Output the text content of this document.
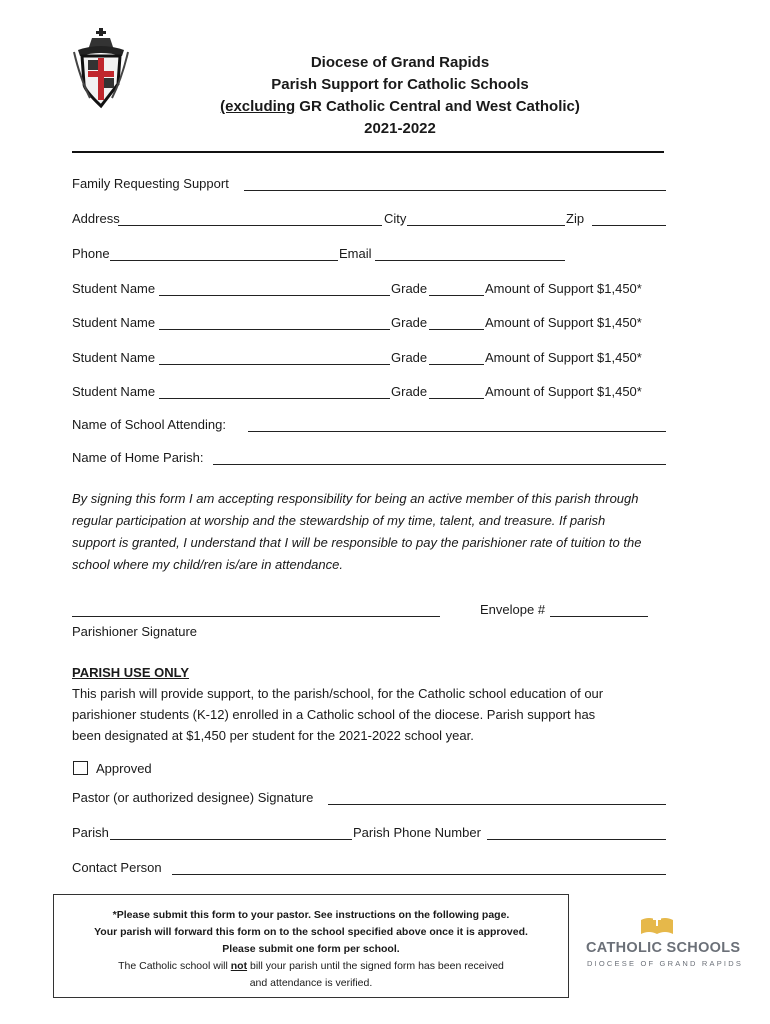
Diocese of Grand Rapids
Parish Support for Catholic Schools
(excluding GR Catholic Central and West Catholic)
2021-2022
Family Requesting Support
Address	City	Zip
Phone	Email
Student Name	Grade	Amount of Support $1,450*
Student Name	Grade	Amount of Support $1,450*
Student Name	Grade	Amount of Support $1,450*
Student Name	Grade	Amount of Support $1,450*
Name of School Attending:
Name of Home Parish:
By signing this form I am accepting responsibility for being an active member of this parish through
regular participation at worship and the stewardship of my time, talent, and treasure. If parish
support is granted, I understand that I will be responsible to pay the parishioner rate of tuition to the
school where my child/ren is/are in attendance.
Envelope #
Parishioner Signature
PARISH USE ONLY
This parish will provide support, to the parish/school, for the Catholic school education of our
parishioner students (K-12) enrolled in a Catholic school of the diocese. Parish support has
been designated at $1,450 per student for the 2021-2022 school year.
Approved
Pastor (or authorized designee) Signature
Parish	Parish Phone Number
Contact Person
*Please submit this form to your pastor. See instructions on the following page.
Your parish will forward this form on to the school specified above once it is approved.
Please submit one form per school.
The Catholic school will not bill your parish until the signed form has been received
and attendance is verified.
CATHOLIC SCHOOLS
DIOCESE OF GRAND RAPIDS
